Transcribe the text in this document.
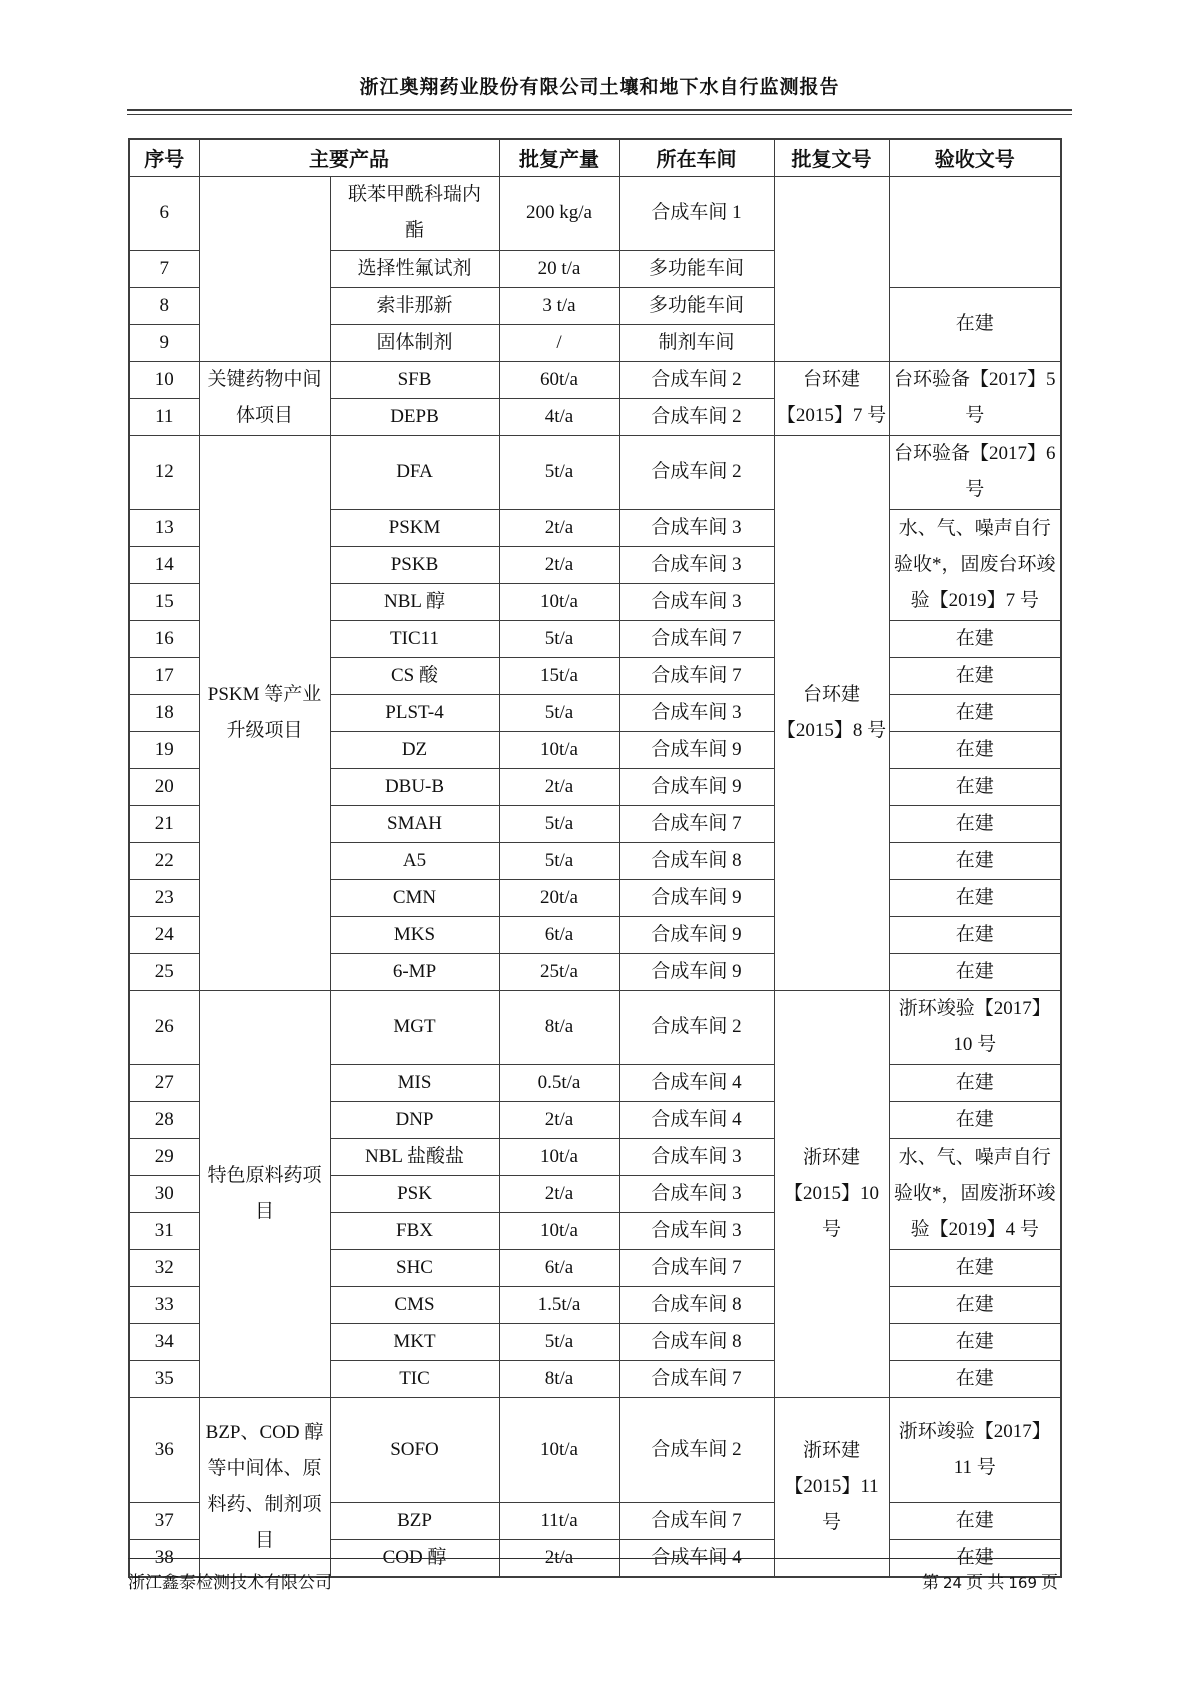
浙江奥翔药业股份有限公司土壤和地下水自行监测报告
序号	主要产品		批复产量	所在车间	批复文号	验收文号
6		联苯甲酰科瑞内酯	200 kg/a	合成车间 1		
7		选择性氟试剂	20 t/a	多功能车间		
8		索非那新	3 t/a	多功能车间		在建
9		固体制剂	/	制剂车间		
10	关键药物中间体项目	SFB	60t/a	合成车间 2	台环建【2015】7 号	台环验备【2017】5 号
11		DEPB	4t/a	合成车间 2		
12	PSKM 等产业升级项目	DFA	5t/a	合成车间 2	台环建【2015】8 号	台环验备【2017】6 号
13		PSKM	2t/a	合成车间 3		水、气、噪声自行验收*，固废台环竣验【2019】7 号
14		PSKB	2t/a	合成车间 3		
15		NBL 醇	10t/a	合成车间 3		
16		TIC11	5t/a	合成车间 7		在建
17		CS 酸	15t/a	合成车间 7		在建
18		PLST-4	5t/a	合成车间 3		在建
19		DZ	10t/a	合成车间 9		在建
20		DBU-B	2t/a	合成车间 9		在建
21		SMAH	5t/a	合成车间 7		在建
22		A5	5t/a	合成车间 8		在建
23		CMN	20t/a	合成车间 9		在建
24		MKS	6t/a	合成车间 9		在建
25		6-MP	25t/a	合成车间 9		在建
26	特色原料药项目	MGT	8t/a	合成车间 2	浙环建【2015】10 号	浙环竣验【2017】10 号
27		MIS	0.5t/a	合成车间 4		在建
28		DNP	2t/a	合成车间 4		在建
29		NBL 盐酸盐	10t/a	合成车间 3		水、气、噪声自行验收*，固废浙环竣验【2019】4 号
30		PSK	2t/a	合成车间 3		
31		FBX	10t/a	合成车间 3		
32		SHC	6t/a	合成车间 7		在建
33		CMS	1.5t/a	合成车间 8		在建
34		MKT	5t/a	合成车间 8		在建
35		TIC	8t/a	合成车间 7		在建
36	BZP、COD 醇等中间体、原料药、制剂项目	SOFO	10t/a	合成车间 2	浙环建【2015】11 号	浙环竣验【2017】11 号
37		BZP	11t/a	合成车间 7		在建
38		COD 醇	2t/a	合成车间 4		在建
浙江鑫泰检测技术有限公司	第 24 页 共 169 页
